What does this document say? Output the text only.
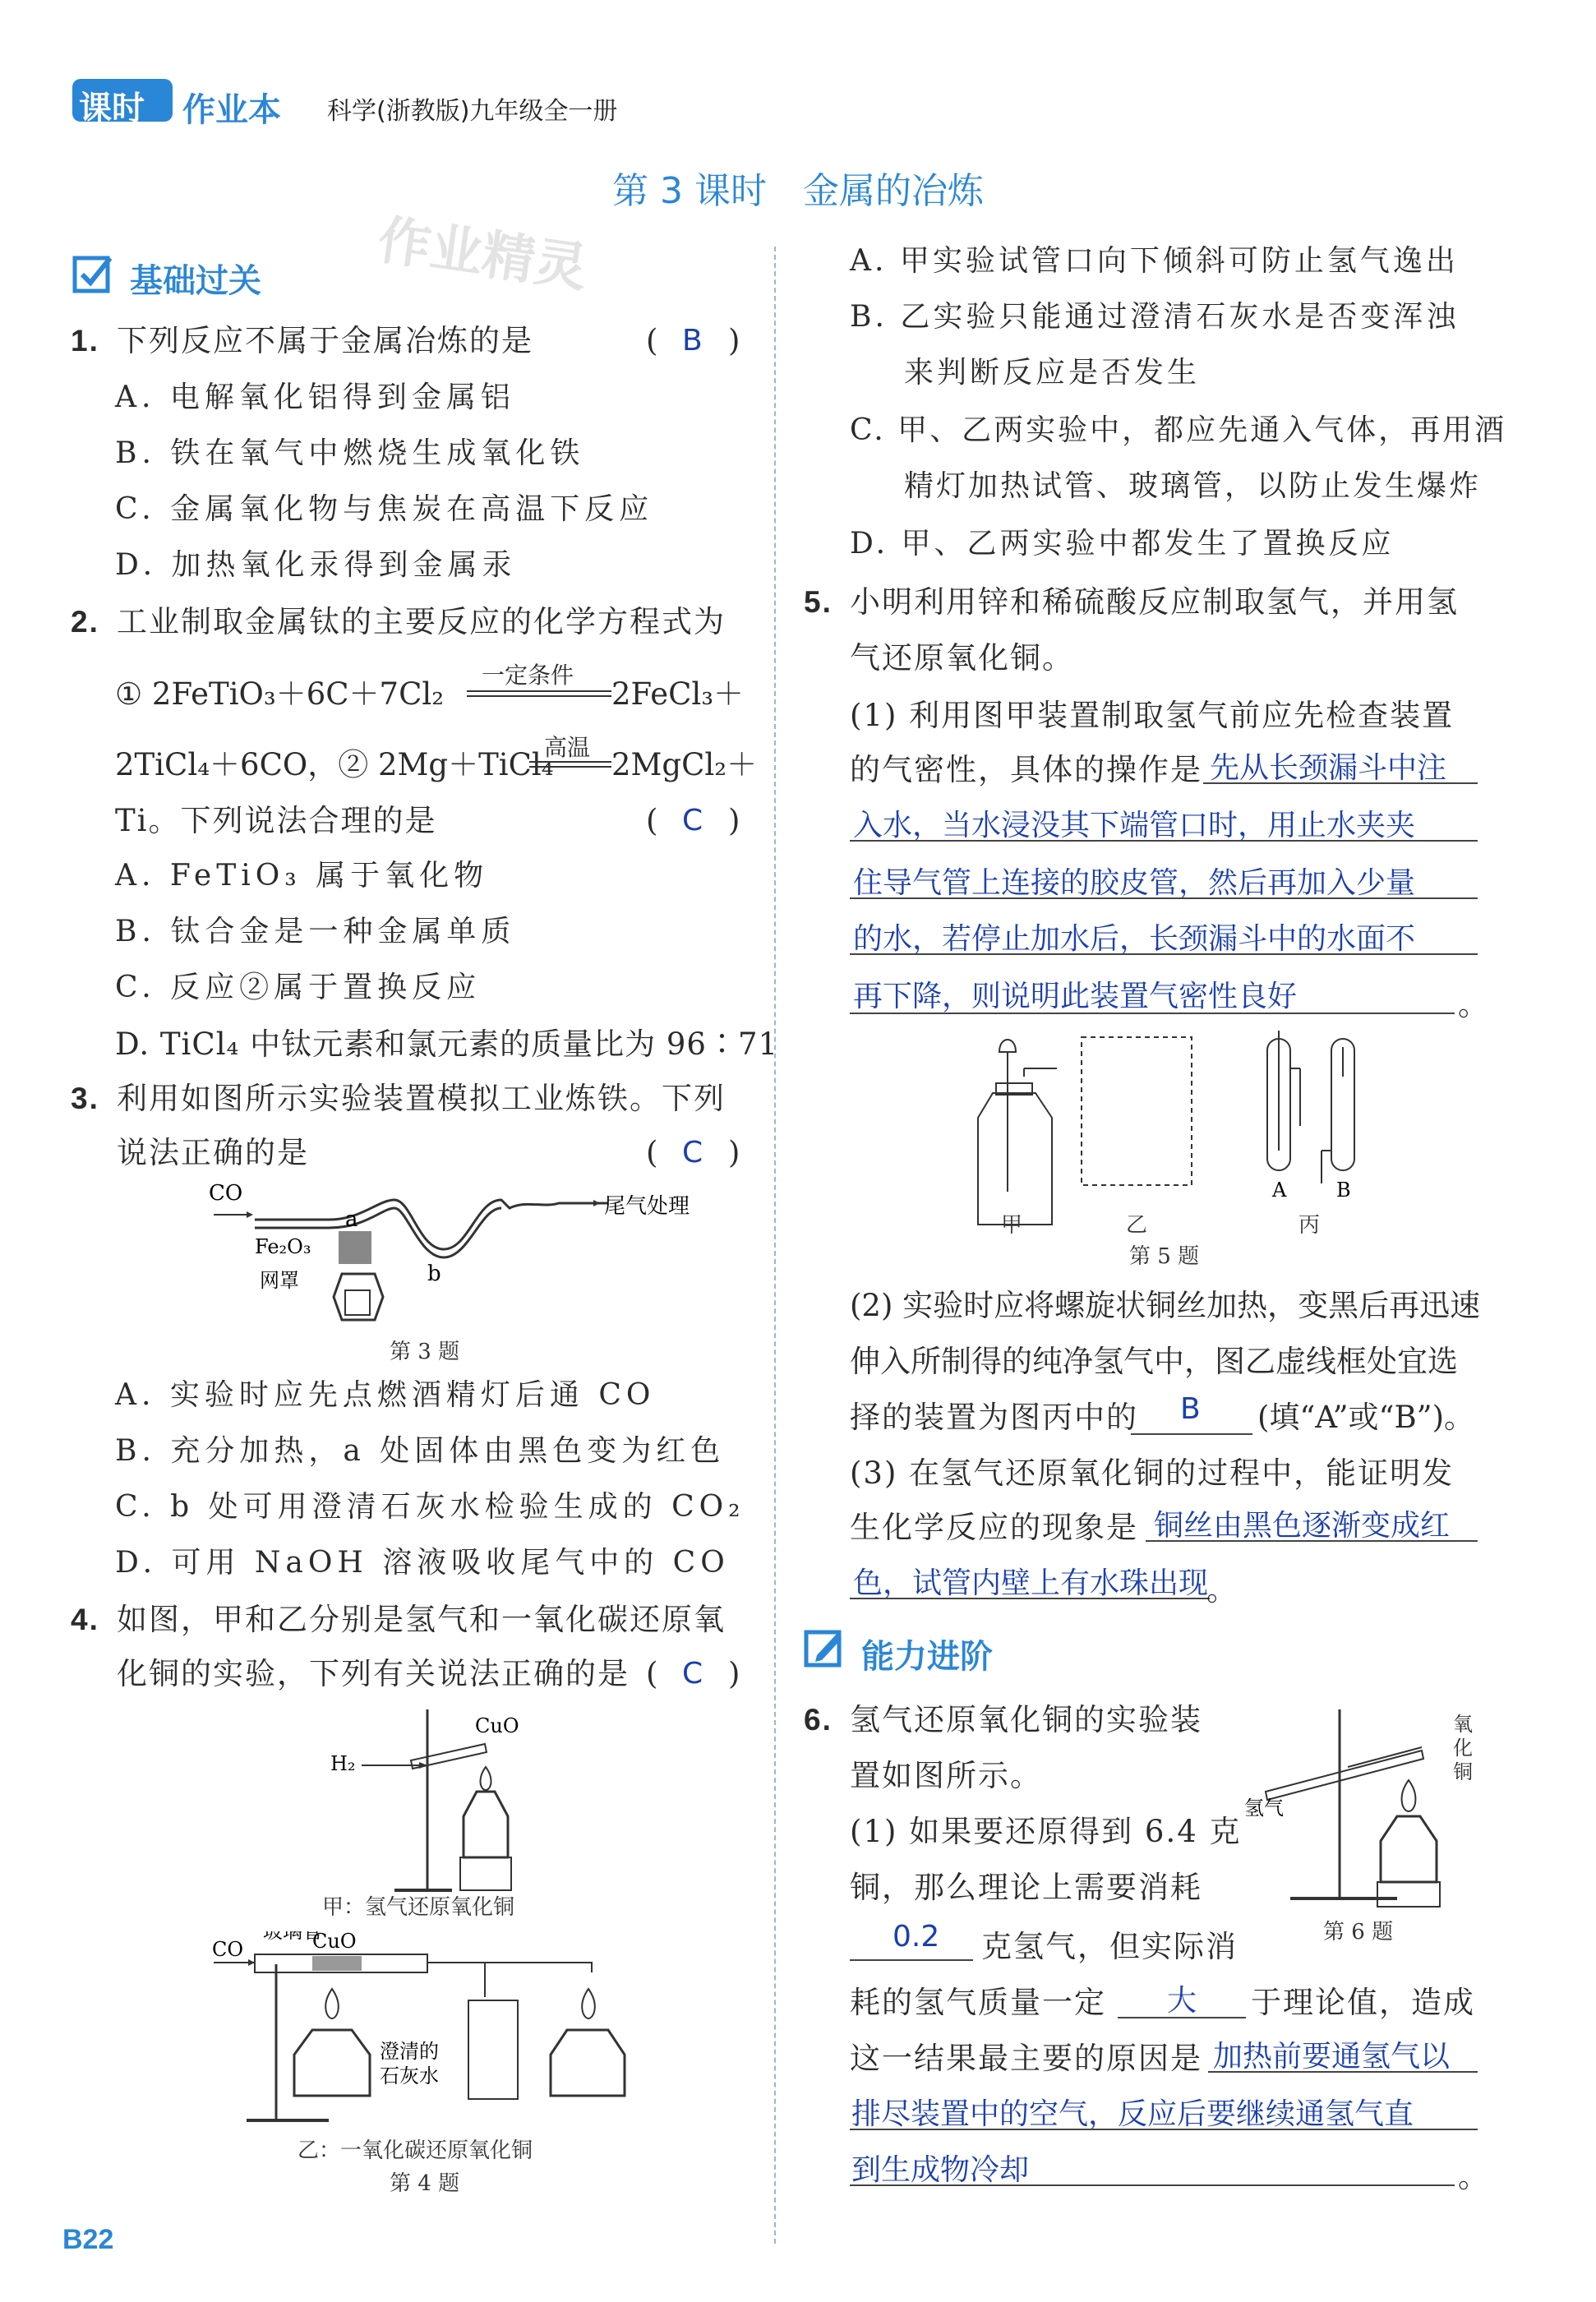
课时 作业本 科学(浙教版)九年级全一册
第 3 课时　金属的冶炼
基础过关 作业精灵
1. 下列反应不属于金属冶炼的是	( B )
A. 电解氧化铝得到金属铝
B. 铁在氧气中燃烧生成氧化铁
C. 金属氧化物与焦炭在高温下反应
D. 加热氧化汞得到金属汞
2. 工业制取金属钛的主要反应的化学方程式为
① 2FeTiO₃＋6C＋7Cl₂
一定条件
2FeCl₃＋
2TiCl₄＋6CO，② 2Mg＋TiCl₄
高温 2MgCl₂＋
Ti。下列说法合理的是	( C )
A. FeTiO₃ 属于氧化物
B. 钛合金是一种金属单质
C. 反应②属于置换反应
D. TiCl₄ 中钛元素和氯元素的质量比为 96∶71
3. 利用如图所示实验装置模拟工业炼铁。下列
说法正确的是	( C )
CO
a
b
Fe₂O₃
网罩
尾气处理
第 3 题
A. 实验时应先点燃酒精灯后通 CO
B. 充分加热，a 处固体由黑色变为红色
C. b 处可用澄清石灰水检验生成的 CO₂
D. 可用 NaOH 溶液吸收尾气中的 CO
4. 如图，甲和乙分别是氢气和一氧化碳还原氧
化铜的实验，下列有关说法正确的是 ( C )
CuO
H₂
甲：氢气还原氧化铜
玻璃管
CuO
CO
澄清的
石灰水
乙：一氧化碳还原氧化铜
第 4 题
A. 甲实验试管口向下倾斜可防止氢气逸出
B. 乙实验只能通过澄清石灰水是否变浑浊
来判断反应是否发生
C. 甲、乙两实验中，都应先通入气体，再用酒
精灯加热试管、玻璃管，以防止发生爆炸
D. 甲、乙两实验中都发生了置换反应
5. 小明利用锌和稀硫酸反应制取氢气，并用氢
气还原氧化铜。
(1) 利用图甲装置制取氢气前应先检查装置
的气密性，具体的操作是 先从长颈漏斗中注
入水，当水浸没其下端管口时，用止水夹夹
住导气管上连接的胶皮管，然后再加入少量
的水，若停止加水后，长颈漏斗中的水面不
再下降，则说明此装置气密性良好	。
A	B
甲	乙	丙
第 5 题
(2) 实验时应将螺旋状铜丝加热，变黑后再迅速
伸入所制得的纯净氢气中，图乙虚线框处宜选
择的装置为图丙中的 B (填“A”或“B”)。
(3) 在氢气还原氧化铜的过程中，能证明发
生化学反应的现象是 铜丝由黑色逐渐变成红
色，试管内壁上有水珠出现
。
能力进阶
6. 氢气还原氧化铜的实验装
置如图所示。
(1) 如果要还原得到 6.4 克
铜，那么理论上需要消耗
0.2 克氢气，但实际消
耗的氢气质量一定 大 于理论值，造成
这一结果最主要的原因是 加热前要通氢气以
排尽装置中的空气，反应后要继续通氢气直
到生成物冷却	。
氢气
氧化铜
第 6 题
B22
